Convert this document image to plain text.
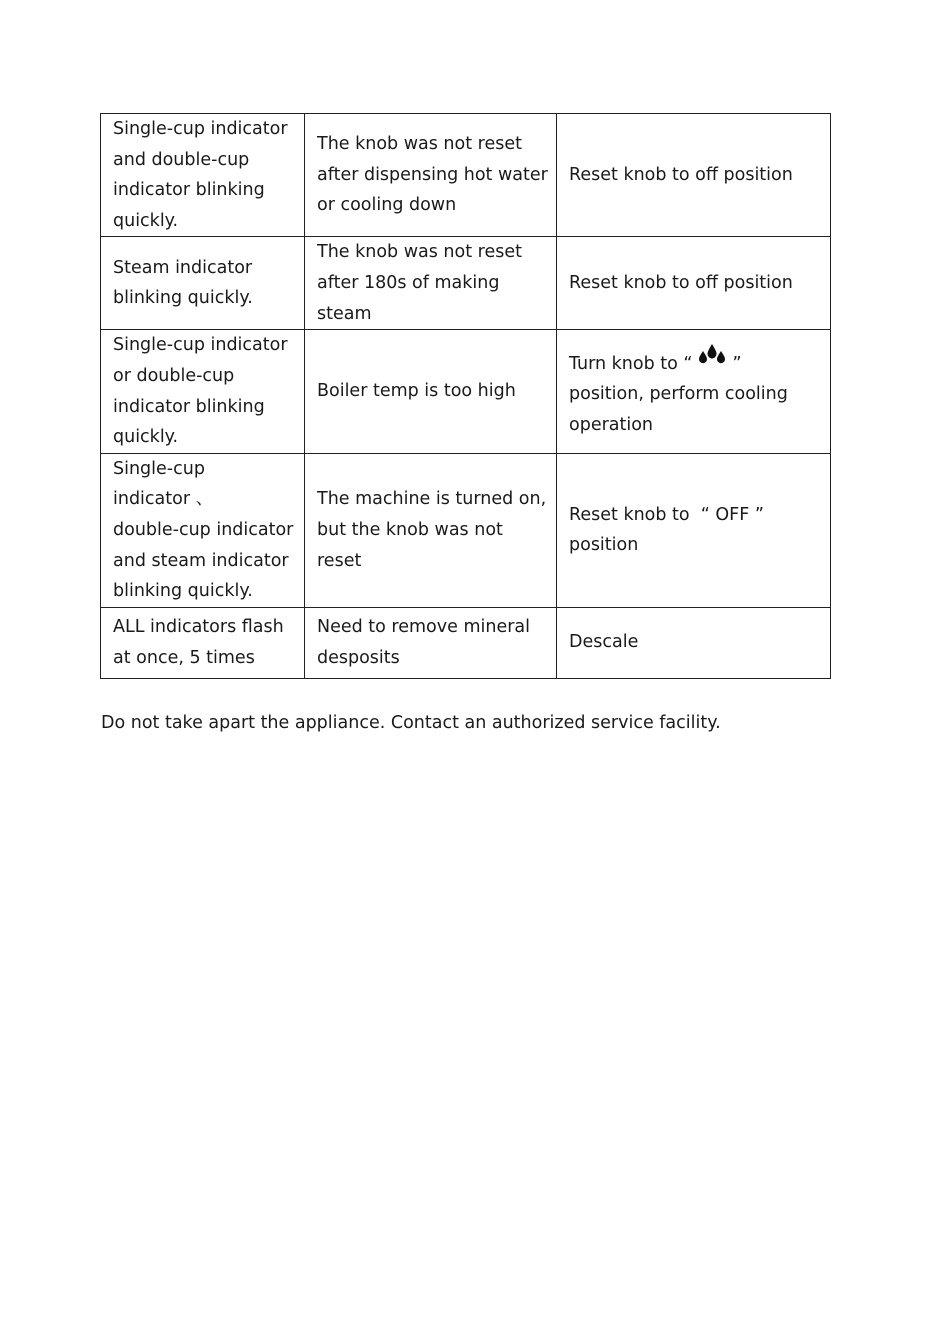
Single-cup indicator
and double-cup
indicator blinking
quickly.	The knob was not reset
after dispensing hot water
or cooling down	Reset knob to off position

Steam indicator
blinking quickly.	The knob was not reset
after 180s of making
steam	Reset knob to off position

Single-cup indicator
or double-cup
indicator blinking
quickly.	Boiler temp is too high	Turn knob to “ ”
position, perform cooling
operation

Single-cup
indicator 、
double-cup indicator
and steam indicator
blinking quickly.	The machine is turned on,
but the knob was not
reset	Reset knob to  “ OFF ”
position

ALL indicators flash
at once, 5 times	Need to remove mineral
desposits	Descale

Do not take apart the appliance. Contact an authorized service facility.
